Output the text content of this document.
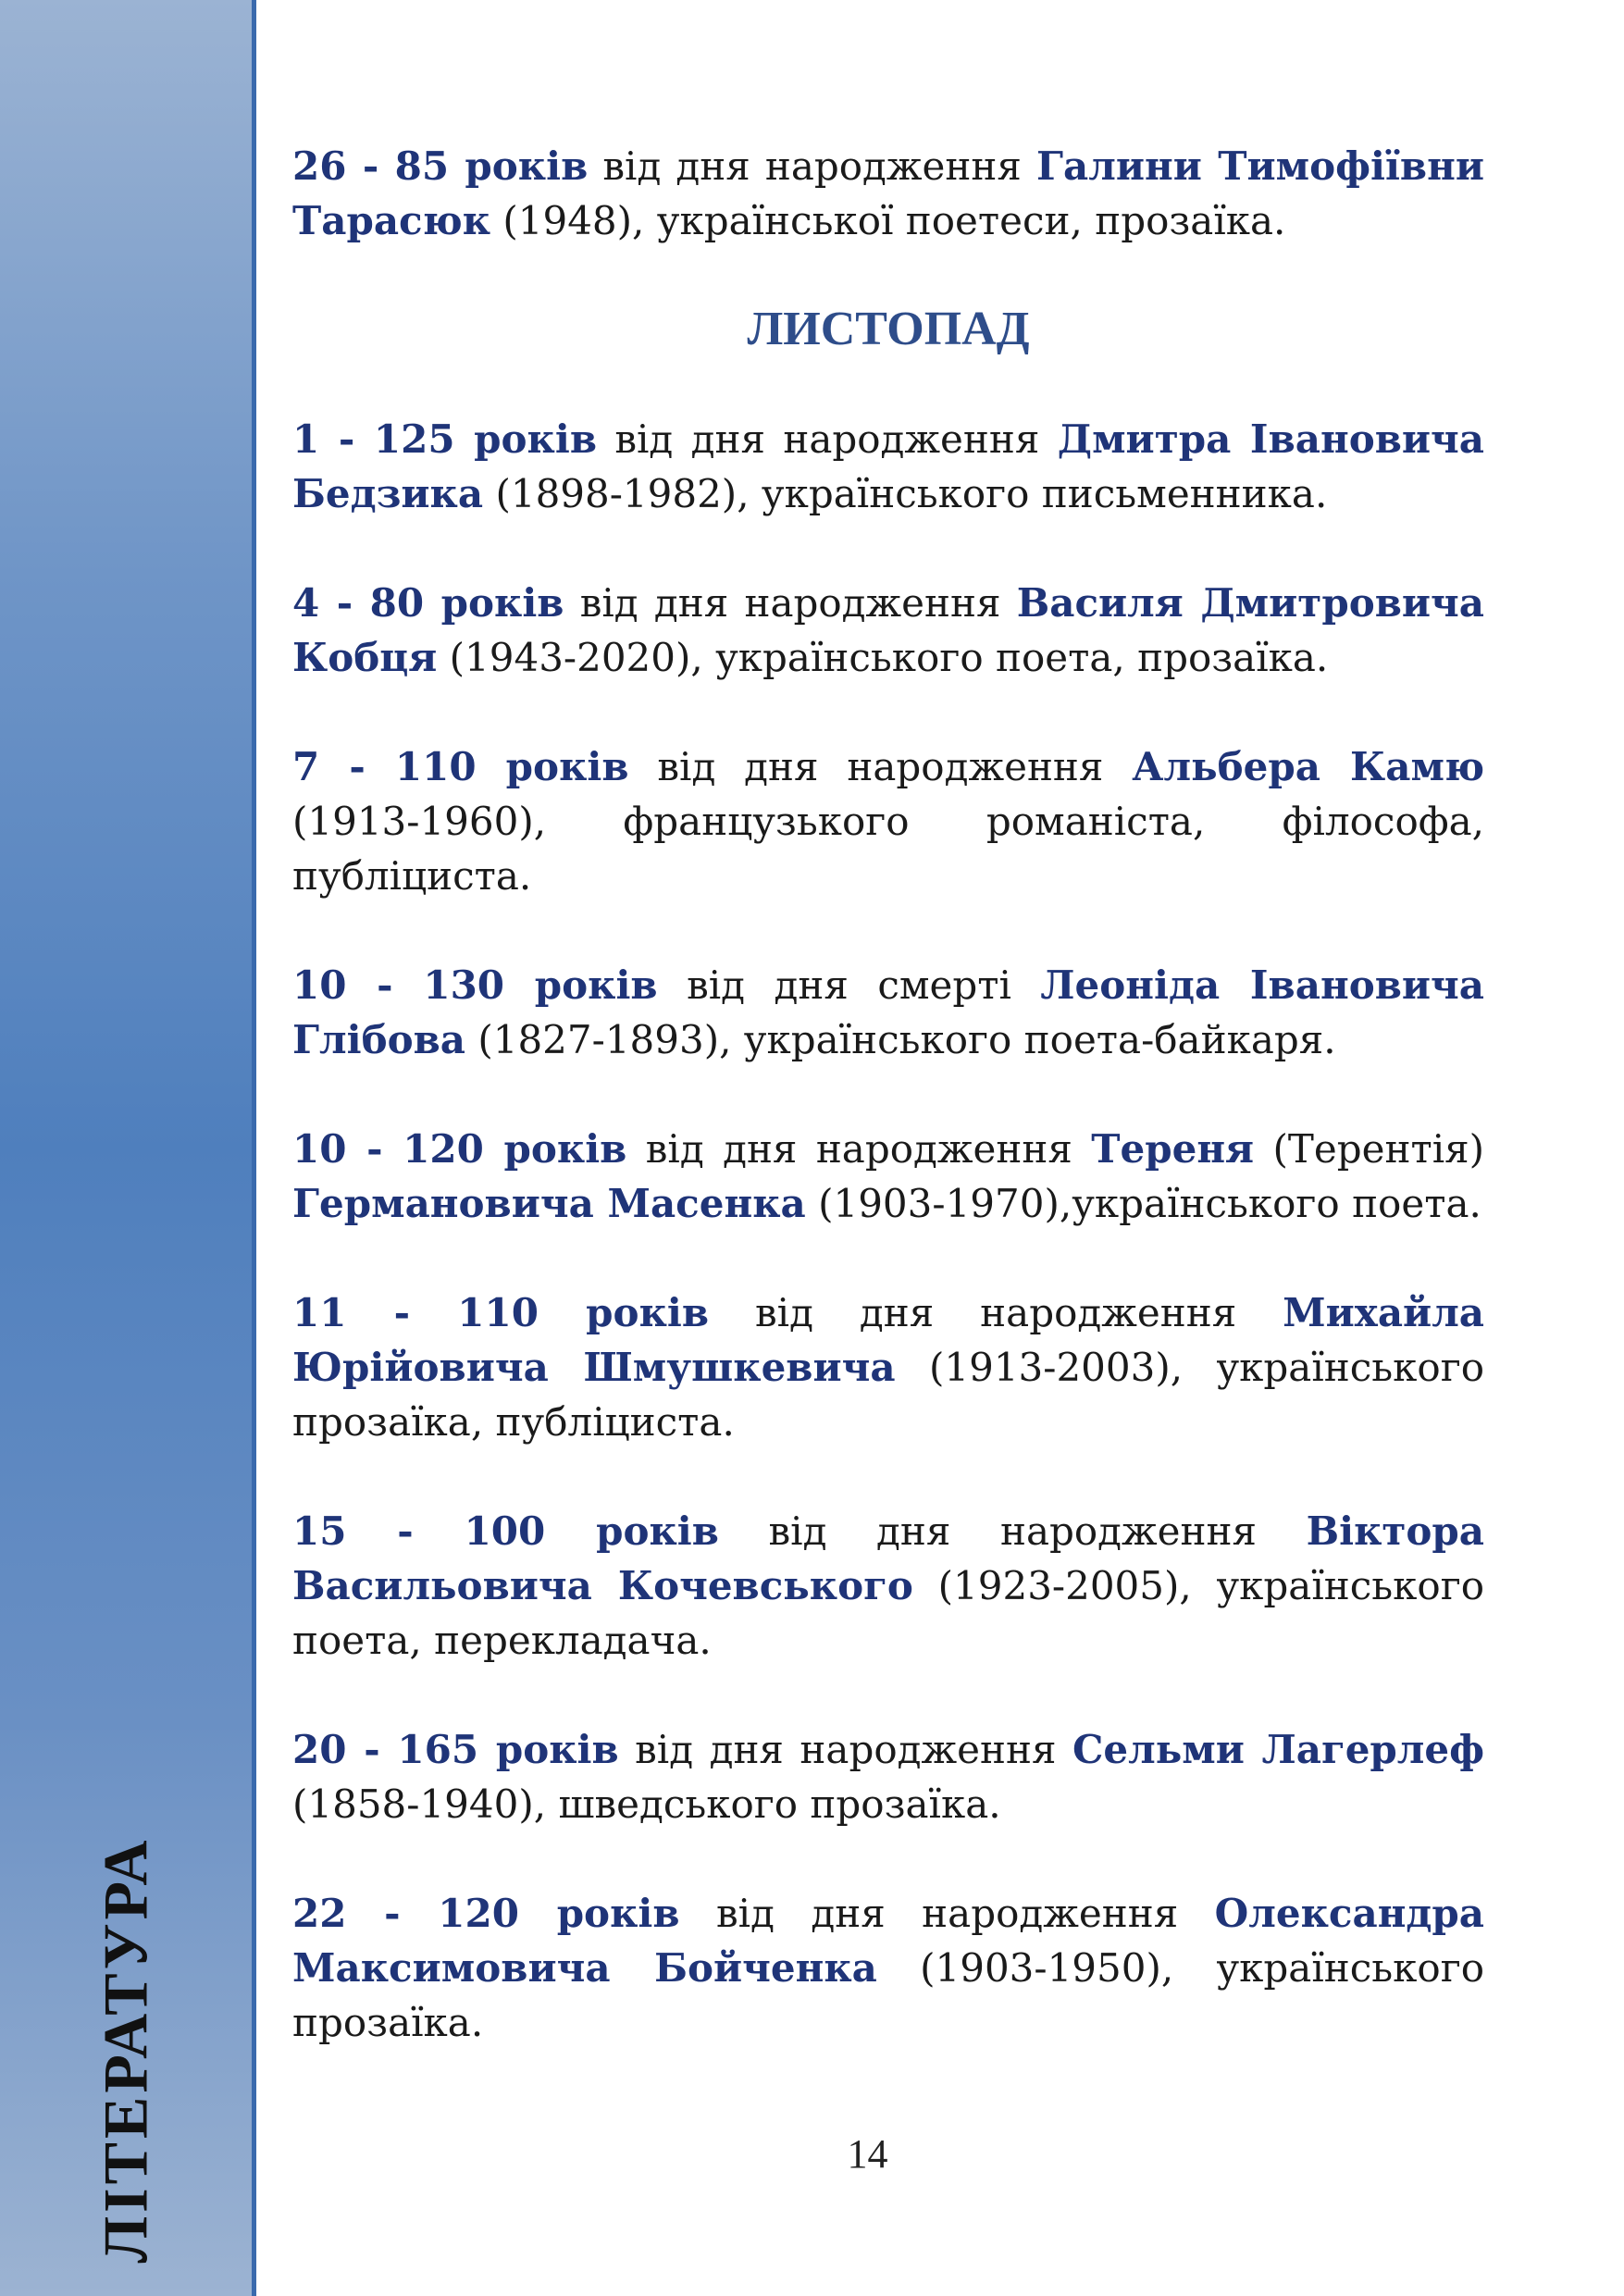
ЛІТЕРАТУРА

26 - 85 років від дня народження Галини Тимофіївни Тарасюк (1948), української поетеси, прозаїка.

ЛИСТОПАД

1 - 125 років від дня народження Дмитра Івановича Бедзика (1898-1982), українського письменника.

4 - 80 років від дня народження Василя Дмитровича Кобця (1943-2020), українського поета, прозаїка.

7 - 110 років від дня народження Альбера Камю (1913-1960), французького романіста, філософа, публіциста.

10 - 130 років від дня смерті Леоніда Івановича Глібова (1827-1893), українського поета-байкаря.

10 - 120 років від дня народження Тереня (Терентія) Германовича Масенка (1903-1970),українського поета.

11 - 110 років від дня народження Михайла Юрійовича Шмушкевича (1913-2003), українського прозаїка, публіциста.

15 - 100 років від дня народження Віктора Васильовича Кочевського (1923-2005), українського поета, перекладача.

20 - 165 років від дня народження Сельми Лагерлеф (1858-1940), шведського прозаїка.

22 - 120 років від дня народження Олександра Максимовича Бойченка (1903-1950), українського прозаїка.

14
